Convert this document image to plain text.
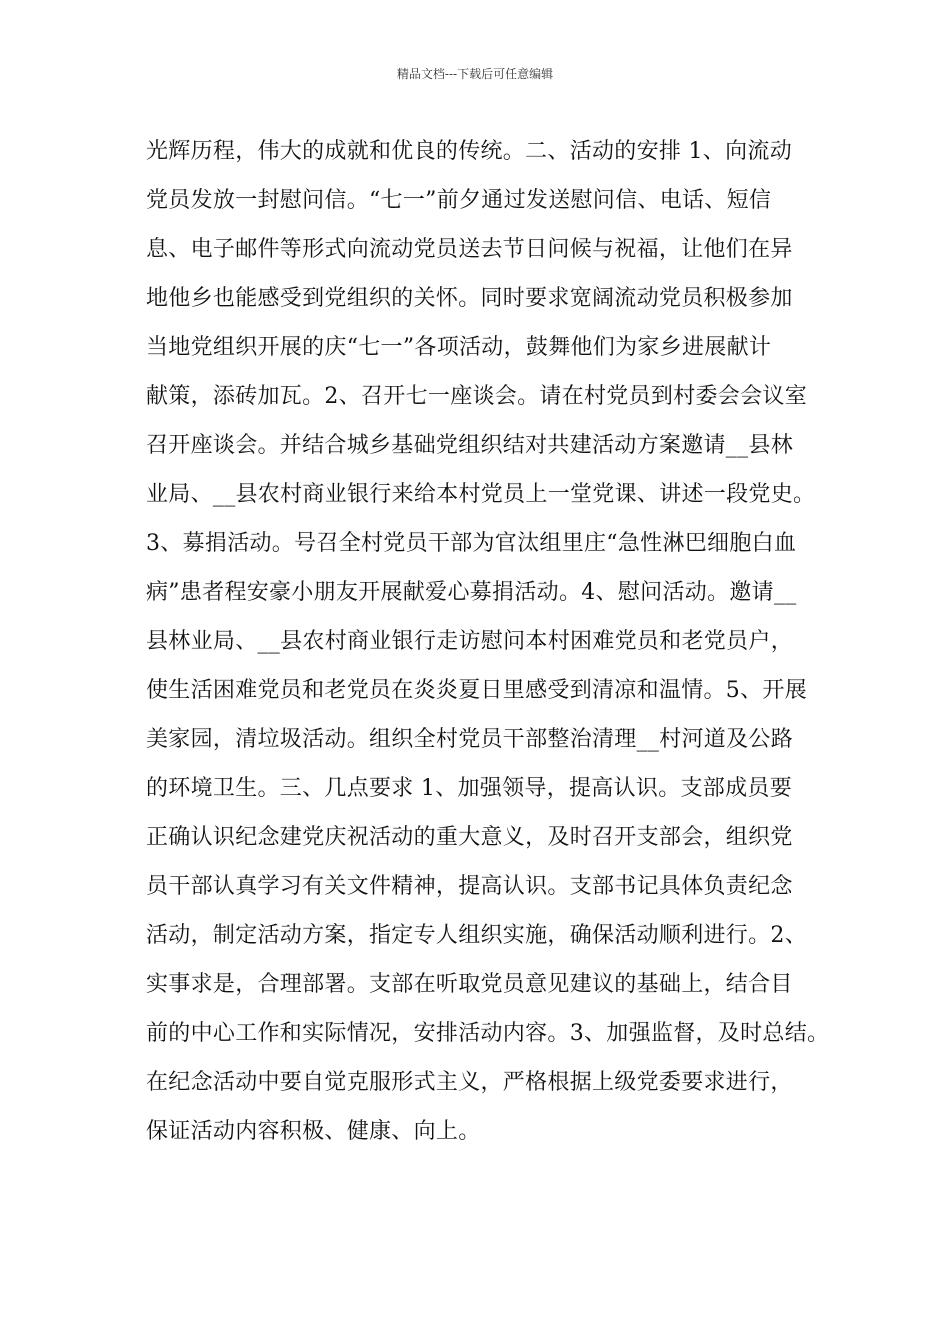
精品文档---下载后可任意编辑
光辉历程，伟大的成就和优良的传统。二、活动的安排 1、向流动
党员发放一封慰问信。“七一”前夕通过发送慰问信、电话、短信
息、电子邮件等形式向流动党员送去节日问候与祝福，让他们在异
地他乡也能感受到党组织的关怀。同时要求宽阔流动党员积极参加
当地党组织开展的庆“七一”各项活动，鼓舞他们为家乡进展献计
献策，添砖加瓦。2、召开七一座谈会。请在村党员到村委会会议室
召开座谈会。并结合城乡基础党组织结对共建活动方案邀请__县林
业局、__县农村商业银行来给本村党员上一堂党课、讲述一段党史。
3、募捐活动。号召全村党员干部为官汰组里庄“急性淋巴细胞白血
病”患者程安豪小朋友开展献爱心募捐活动。4、慰问活动。邀请__
县林业局、__县农村商业银行走访慰问本村困难党员和老党员户，
使生活困难党员和老党员在炎炎夏日里感受到清凉和温情。5、开展
美家园，清垃圾活动。组织全村党员干部整治清理__村河道及公路
的环境卫生。三、几点要求 1、加强领导，提高认识。支部成员要
正确认识纪念建党庆祝活动的重大意义，及时召开支部会，组织党
员干部认真学习有关文件精神，提高认识。支部书记具体负责纪念
活动，制定活动方案，指定专人组织实施，确保活动顺利进行。2、
实事求是，合理部署。支部在听取党员意见建议的基础上，结合目
前的中心工作和实际情况，安排活动内容。3、加强监督，及时总结。
在纪念活动中要自觉克服形式主义，严格根据上级党委要求进行，
保证活动内容积极、健康、向上。
